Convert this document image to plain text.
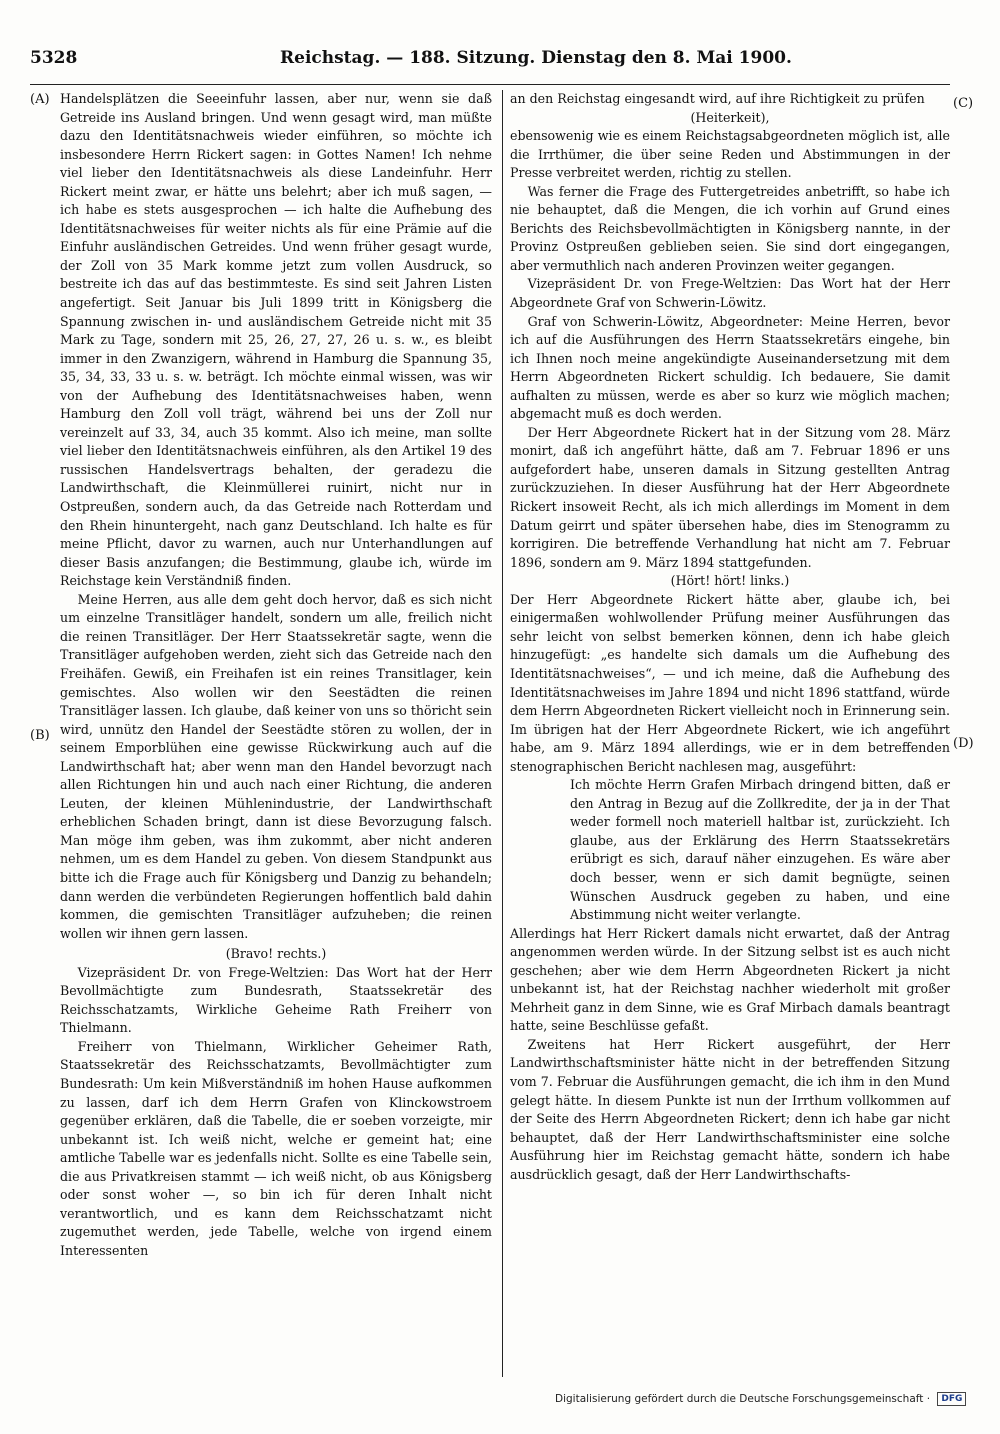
5328	Reichstag. — 188. Sitzung. Dienstag den 8. Mai 1900.
(A)
(B)
(C)
(D)

Handelsplätzen die Seeeinfuhr lassen, aber nur, wenn sie daß Getreide ins Ausland bringen. Und wenn gesagt wird, man müßte dazu den Identitätsnachweis wieder einführen, so möchte ich insbesondere Herrn Rickert sagen: in Gottes Namen! Ich nehme viel lieber den Identitätsnachweis als diese Landeinfuhr. Herr Rickert meint zwar, er hätte uns belehrt; aber ich muß sagen, — ich habe es stets ausgesprochen — ich halte die Aufhebung des Identitätsnachweises für weiter nichts als für eine Prämie auf die Einfuhr ausländischen Getreides. Und wenn früher gesagt wurde, der Zoll von 35 Mark komme jetzt zum vollen Ausdruck, so bestreite ich das auf das bestimmteste. Es sind seit Jahren Listen angefertigt. Seit Januar bis Juli 1899 tritt in Königsberg die Spannung zwischen in- und ausländischem Getreide nicht mit 35 Mark zu Tage, sondern mit 25, 26, 27, 27, 26 u. s. w., es bleibt immer in den Zwanzigern, während in Hamburg die Spannung 35, 35, 34, 33, 33 u. s. w. beträgt. Ich möchte einmal wissen, was wir von der Aufhebung des Identitätsnachweises haben, wenn Hamburg den Zoll voll trägt, während bei uns der Zoll nur vereinzelt auf 33, 34, auch 35 kommt. Also ich meine, man sollte viel lieber den Identitätsnachweis einführen, als den Artikel 19 des russischen Handelsvertrags behalten, der geradezu die Landwirthschaft, die Kleinmüllerei ruinirt, nicht nur in Ostpreußen, sondern auch, da das Getreide nach Rotterdam und den Rhein hinuntergeht, nach ganz Deutschland. Ich halte es für meine Pflicht, davor zu warnen, auch nur Unterhandlungen auf dieser Basis anzufangen; die Bestimmung, glaube ich, würde im Reichstage kein Verständniß finden.

Meine Herren, aus alle dem geht doch hervor, daß es sich nicht um einzelne Transitläger handelt, sondern um alle, freilich nicht die reinen Transitläger. Der Herr Staatssekretär sagte, wenn die Transitläger aufgehoben werden, zieht sich das Getreide nach den Freihäfen. Gewiß, ein Freihafen ist ein reines Transitlager, kein gemischtes. Also wollen wir den Seestädten die reinen Transitläger lassen. Ich glaube, daß keiner von uns so thöricht sein wird, unnütz den Handel der Seestädte stören zu wollen, der in seinem Emporblühen eine gewisse Rückwirkung auch auf die Landwirthschaft hat; aber wenn man den Handel bevorzugt nach allen Richtungen hin und auch nach einer Richtung, die anderen Leuten, der kleinen Mühlenindustrie, der Landwirthschaft erheblichen Schaden bringt, dann ist diese Bevorzugung falsch. Man möge ihm geben, was ihm zukommt, aber nicht anderen nehmen, um es dem Handel zu geben. Von diesem Standpunkt aus bitte ich die Frage auch für Königsberg und Danzig zu behandeln; dann werden die verbündeten Regierungen hoffentlich bald dahin kommen, die gemischten Transitläger aufzuheben; die reinen wollen wir ihnen gern lassen.

(Bravo! rechts.)

Vizepräsident Dr. von Frege-Weltzien: Das Wort hat der Herr Bevollmächtigte zum Bundesrath, Staatssekretär des Reichsschatzamts, Wirkliche Geheime Rath Freiherr von Thielmann.

Freiherr von Thielmann, Wirklicher Geheimer Rath, Staatssekretär des Reichsschatzamts, Bevollmächtigter zum Bundesrath: Um kein Mißverständniß im hohen Hause aufkommen zu lassen, darf ich dem Herrn Grafen von Klinckowstroem gegenüber erklären, daß die Tabelle, die er soeben vorzeigte, mir unbekannt ist. Ich weiß nicht, welche er gemeint hat; eine amtliche Tabelle war es jedenfalls nicht. Sollte es eine Tabelle sein, die aus Privatkreisen stammt — ich weiß nicht, ob aus Königsberg oder sonst woher —, so bin ich für deren Inhalt nicht verantwortlich, und es kann dem Reichsschatzamt nicht zugemuthet werden, jede Tabelle, welche von irgend einem Interessenten

an den Reichstag eingesandt wird, auf ihre Richtigkeit zu prüfen

(Heiterkeit),

ebensowenig wie es einem Reichstagsabgeordneten möglich ist, alle die Irrthümer, die über seine Reden und Abstimmungen in der Presse verbreitet werden, richtig zu stellen.

Was ferner die Frage des Futtergetreides anbetrifft, so habe ich nie behauptet, daß die Mengen, die ich vorhin auf Grund eines Berichts des Reichsbevollmächtigten in Königsberg nannte, in der Provinz Ostpreußen geblieben seien. Sie sind dort eingegangen, aber vermuthlich nach anderen Provinzen weiter gegangen.

Vizepräsident Dr. von Frege-Weltzien: Das Wort hat der Herr Abgeordnete Graf von Schwerin-Löwitz.

Graf von Schwerin-Löwitz, Abgeordneter: Meine Herren, bevor ich auf die Ausführungen des Herrn Staatssekretärs eingehe, bin ich Ihnen noch meine angekündigte Auseinandersetzung mit dem Herrn Abgeordneten Rickert schuldig. Ich bedauere, Sie damit aufhalten zu müssen, werde es aber so kurz wie möglich machen; abgemacht muß es doch werden.

Der Herr Abgeordnete Rickert hat in der Sitzung vom 28. März monirt, daß ich angeführt hätte, daß am 7. Februar 1896 er uns aufgefordert habe, unseren damals in Sitzung gestellten Antrag zurückzuziehen. In dieser Ausführung hat der Herr Abgeordnete Rickert insoweit Recht, als ich mich allerdings im Moment in dem Datum geirrt und später übersehen habe, dies im Stenogramm zu korrigiren. Die betreffende Verhandlung hat nicht am 7. Februar 1896, sondern am 9. März 1894 stattgefunden.

(Hört! hört! links.)

Der Herr Abgeordnete Rickert hätte aber, glaube ich, bei einigermaßen wohlwollender Prüfung meiner Ausführungen das sehr leicht von selbst bemerken können, denn ich habe gleich hinzugefügt: „es handelte sich damals um die Aufhebung des Identitätsnachweises“, — und ich meine, daß die Aufhebung des Identitätsnachweises im Jahre 1894 und nicht 1896 stattfand, würde dem Herrn Abgeordneten Rickert vielleicht noch in Erinnerung sein. Im übrigen hat der Herr Abgeordnete Rickert, wie ich angeführt habe, am 9. März 1894 allerdings, wie er in dem betreffenden stenographischen Bericht nachlesen mag, ausgeführt:

Ich möchte Herrn Grafen Mirbach dringend bitten, daß er den Antrag in Bezug auf die Zollkredite, der ja in der That weder formell noch materiell haltbar ist, zurückzieht. Ich glaube, aus der Erklärung des Herrn Staatssekretärs erübrigt es sich, darauf näher einzugehen. Es wäre aber doch besser, wenn er sich damit begnügte, seinen Wünschen Ausdruck gegeben zu haben, und eine Abstimmung nicht weiter verlangte.

Allerdings hat Herr Rickert damals nicht erwartet, daß der Antrag angenommen werden würde. In der Sitzung selbst ist es auch nicht geschehen; aber wie dem Herrn Abgeordneten Rickert ja nicht unbekannt ist, hat der Reichstag nachher wiederholt mit großer Mehrheit ganz in dem Sinne, wie es Graf Mirbach damals beantragt hatte, seine Beschlüsse gefaßt.

Zweitens hat Herr Rickert ausgeführt, der Herr Landwirthschaftsminister hätte nicht in der betreffenden Sitzung vom 7. Februar die Ausführungen gemacht, die ich ihm in den Mund gelegt hätte. In diesem Punkte ist nun der Irrthum vollkommen auf der Seite des Herrn Abgeordneten Rickert; denn ich habe gar nicht behauptet, daß der Herr Landwirthschaftsminister eine solche Ausführung hier im Reichstag gemacht hätte, sondern ich habe ausdrücklich gesagt, daß der Herr Landwirthschafts-

Digitalisierung gefördert durch die Deutsche Forschungsgemeinschaft · DFG
